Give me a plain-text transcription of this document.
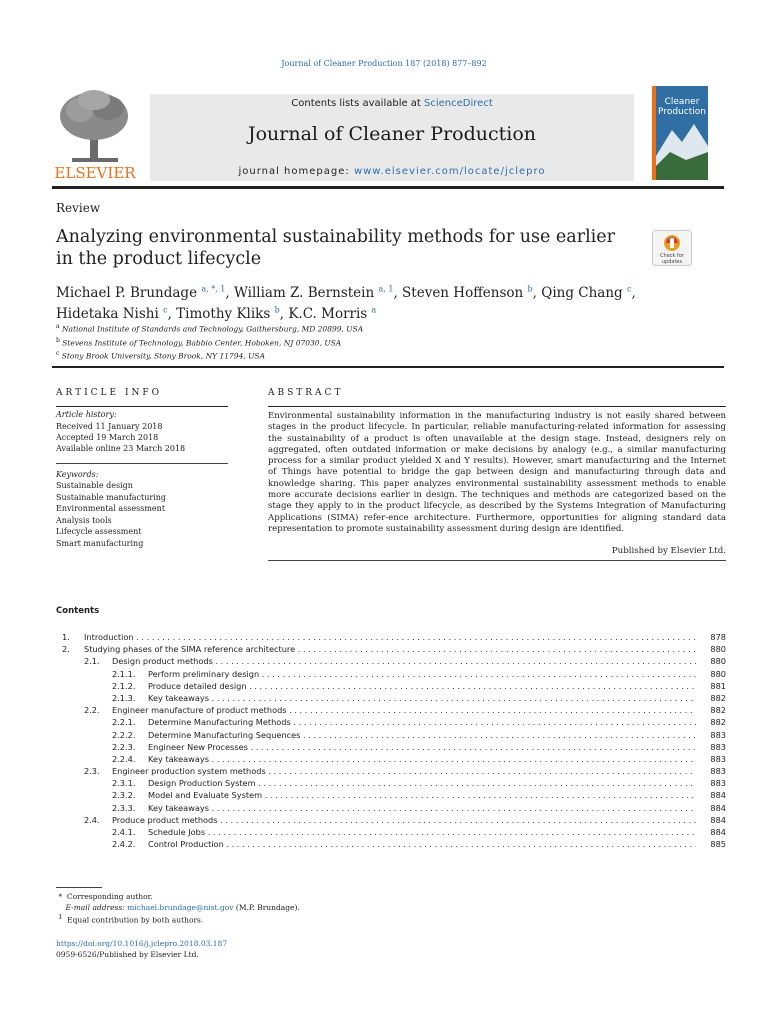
Journal of Cleaner Production 187 (2018) 877–892
ELSEVIER
Contents lists available at ScienceDirect
Journal of Cleaner Production
journal homepage: www.elsevier.com/locate/jclepro
Cleaner
Production
Review
Analyzing environmental sustainability methods for use earlier in the product lifecycle	Check for
updates
Michael P. Brundage $^{a, *, 1}$, William Z. Bernstein $^{a, 1}$, Steven Hoffenson $^b$, Qing Chang $^c$,
Hidetaka Nishi $^c$, Timothy Kliks $^b$, K.C. Morris $^a$
$^a$ National Institute of Standards and Technology, Gaithersburg, MD 20899, USA
$^b$ Stevens Institute of Technology, Babbio Center, Hoboken, NJ 07030, USA
$^c$ Stony Brook University, Stony Brook, NY 11794, USA
ARTICLE INFO
Article history:
Received 11 January 2018
Accepted 19 March 2018
Available online 23 March 2018
Keywords:
Sustainable design
Sustainable manufacturing
Environmental assessment
Analysis tools
Lifecycle assessment
Smart manufacturing
ABSTRACT
Environmental sustainability information in the manufacturing industry is not easily shared between stages in the product lifecycle. In particular, reliable manufacturing-related information for assessing the sustainability of a product is often unavailable at the design stage. Instead, designers rely on aggregated, often outdated information or make decisions by analogy (e.g., a similar manufacturing process for a similar product yielded X and Y results). However, smart manufacturing and the Internet of Things have potential to bridge the gap between design and manufacturing through data and knowledge sharing. This paper analyzes environmental sustainability assessment methods to enable more accurate decisions earlier in design. The techniques and methods are categorized based on the stage they apply to in the product lifecycle, as described by the Systems Integration of Manufacturing Applications (SIMA) refer-ence architecture. Furthermore, opportunities for aligning standard data representation to promote sustainability assessment during design are identified.
Published by Elsevier Ltd.
Contents
1. Introduction . . .	878
2. Studying phases of the SIMA reference architecture . . .	880
2.1. Design product methods . . .	880
2.1.1. Perform preliminary design . . .	880
2.1.2. Produce detailed design . . .	881
2.1.3. Key takeaways . . .	882
2.2. Engineer manufacture of product methods . . .	882
2.2.1. Determine Manufacturing Methods . . .	882
2.2.2. Determine Manufacturing Sequences . . .	883
2.2.3. Engineer New Processes . . .	883
2.2.4. Key takeaways . . .	883
2.3. Engineer production system methods . . .	883
2.3.1. Design Production System . . .	883
2.3.2. Model and Evaluate System . . .	884
2.3.3. Key takeaways . . .	884
2.4. Produce product methods . . .	884
2.4.1. Schedule Jobs . . .	884
2.4.2. Control Production . . .	885
*  Corresponding author.
E-mail address: michael.brundage@nist.gov (M.P. Brundage).
$^1$ Equal contribution by both authors.
https://doi.org/10.1016/j.jclepro.2018.03.187
0959-6526/Published by Elsevier Ltd.
